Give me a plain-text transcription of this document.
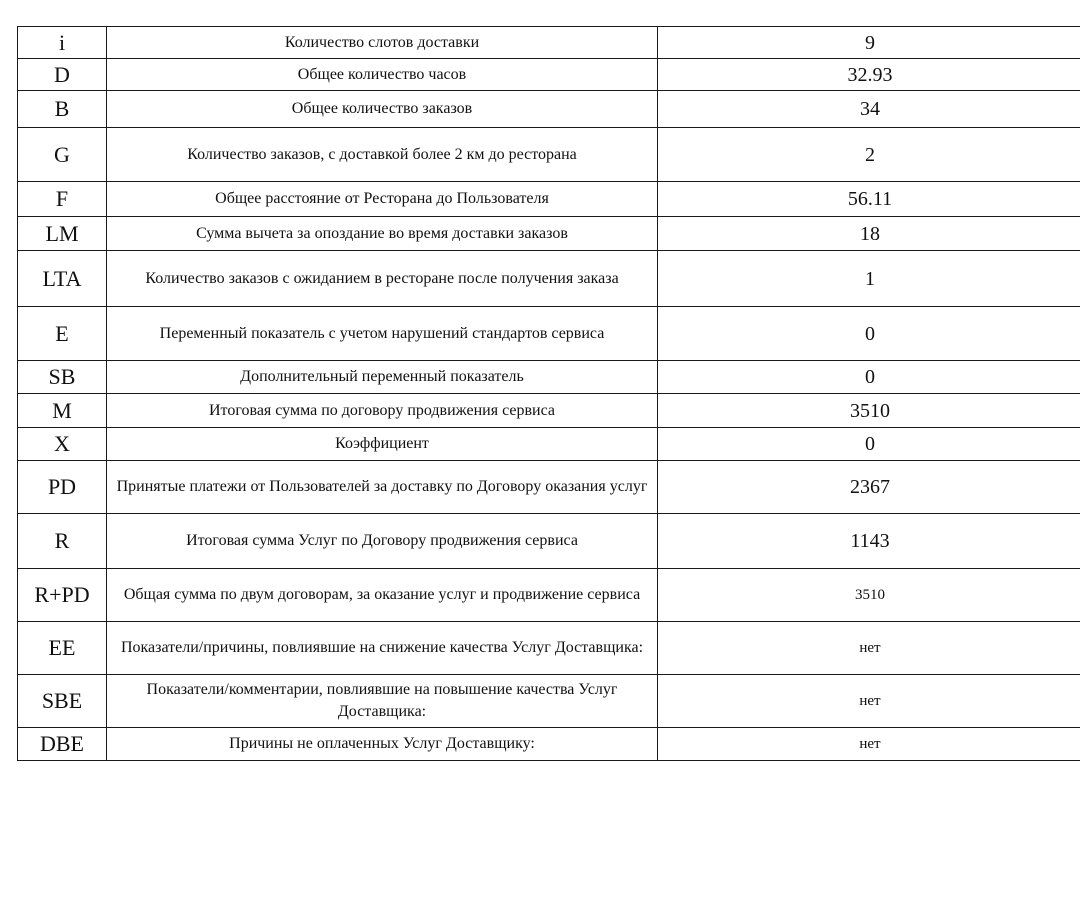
i	Количество слотов доставки	9
D	Общее количество часов	32.93
B	Общее количество заказов	34
G	Количество заказов, с доставкой более 2 км до ресторана	2
F	Общее расстояние от Ресторана до Пользователя	56.11
LM	Сумма вычета за опоздание во время доставки заказов	18
LTA	Количество заказов с ожиданием в ресторане после получения заказа	1
E	Переменный показатель с учетом нарушений стандартов сервиса	0
SB	Дополнительный переменный показатель	0
M	Итоговая сумма по договору продвижения сервиса	3510
X	Коэффициент	0
PD	Принятые платежи от Пользователей за доставку по Договору оказания услуг	2367
R	Итоговая сумма Услуг по Договору продвижения сервиса	1143
R+PD	Общая сумма по двум договорам, за оказание услуг и продвижение сервиса	3510
EE	Показатели/причины, повлиявшие на снижение качества Услуг Доставщика:	нет
SBE	Показатели/комментарии, повлиявшие на повышение качества Услуг Доставщика:	нет
DBE	Причины не оплаченных Услуг Доставщику:	нет
